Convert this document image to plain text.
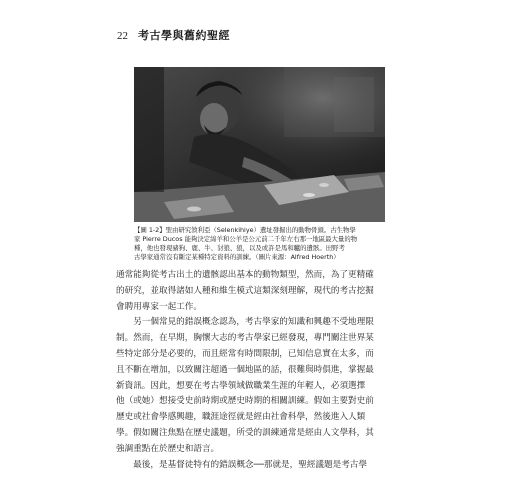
22 考古學與舊約聖經

【圖 1-2】聖由研究敘利亞（Selenkihiye）遺址發掘出的動物骨頭。古生物學

家 Pierre Ducos 能夠決定綿羊和公羊是公元前二千年左右那一地區最大量的物

種，他也發現豬狗、鹿、牛、豺狼、狼，以及或許是馬和驢的遺骸。田野考

古學家通常沒有斷定某種特定資料的訓練。（圖片來源：Alfred Hoerth）

通常能夠從考古出土的遺骸認出基本的動物類型，然而，為了更精確
的研究，並取得諸如人種和維生模式這類深刻理解，現代的考古挖掘
會聘用專家一起工作。

另一個常見的錯誤概念認為，考古學家的知識和興趣不受地理限
制。然而，在早期，胸懷大志的考古學家已經發現，專門關注世界某
些特定部分是必要的，而且經常有時間限制，已知信息實在太多，而
且不斷在增加，以致關注超過一個地區的話，很難與時俱進，掌握最
新資訊。因此，想要在考古學領域做職業生涯的年輕人，必須選擇
他（或她）想接受史前時期或歷史時期的相關訓練。假如主要對史前
歷史或社會學感興趣，職涯途徑就是經由社會科學，然後進入人類
學。假如關注焦點在歷史議題，所受的訓練通常是經由人文學科，其
強調重點在於歷史和語言。

最後，是基督徒特有的錯誤概念──那就是，聖經議題是考古學
